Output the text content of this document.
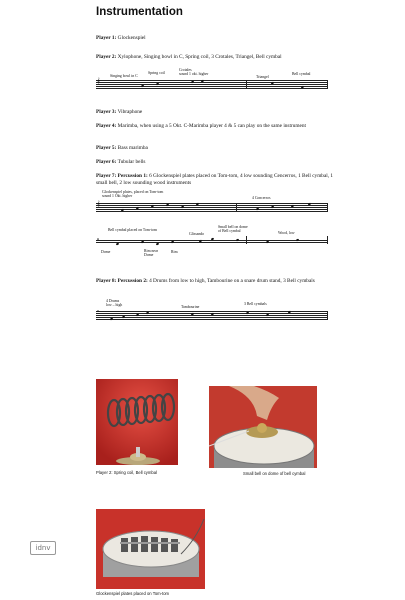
Instrumentation
Player 1: Glockenspiel
Player 2: Xylophone, Singing bowl in C, Spring coil, 3 Crotales, Triangel, Bell cymbal
Singing bowl in C
Spring coil
Crotales
sound 1 okt. higher
Triangel
Bell cymbal
𝄞
Player 3: Vibraphone
Player 4: Marimba, when using a 5 Okt. C-Marimba player 4 & 5 can play on the same instrument
Player 5: Bass marimba
Player 6: Tubular bells
Player 7: Percussion 1: 6 Glockenspiel plates placed on Tom-tom, 4 low sounding Cencerros, 1 Bell cymbal, 1 small bell, 2 low sounding wood instruments
Glockenspiel plates, placed on Tom-tom
sound 1 Okt. higher	4 Concerros
𝄞
Bell cymbal placed on Tom-tom
Glissando
Small bell on dome
of Bell cymbal	Wood, low
𝄥
Dome	Rim near
Dome
Rim
Player 8: Percussion 2: 4 Drums from low to high, Tambourine on a snare drum stand, 3 Bell cymbals
4 Drums
low – high	Tambourine
3 Bell cymbals
𝄥
Player 2: Spring coil, Bell cymbal	Small bell on dome of bell cymbal
Glockenspiel plates placed on Tom-tom
idnv
